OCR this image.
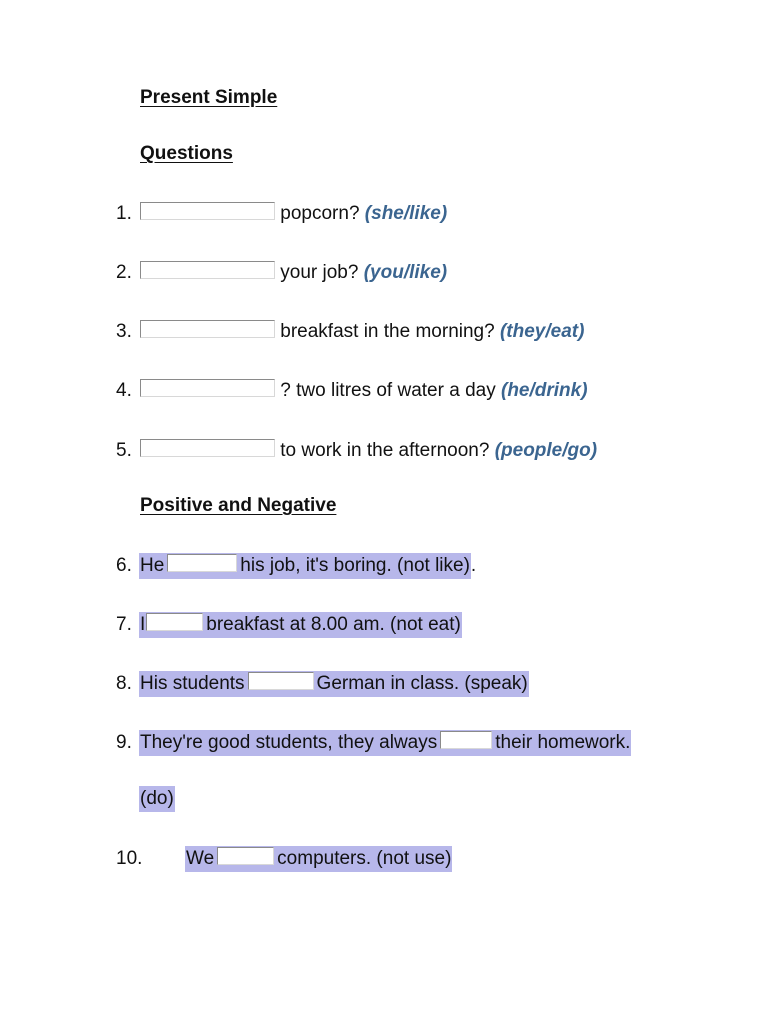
Present Simple
Questions
1.	popcorn? (she/like)
2.	your job? (you/like)
3.	breakfast in the morning? (they/eat)
4.	? two litres of water a day (he/drink)
5.	to work in the afternoon? (people/go)
Positive and Negative
6. He	his job, it's boring. (not like).
7. I	breakfast at 8.00 am. (not eat)
8. His students	German in class. (speak)
9. They're good students, they always	their homework.
(do)
10. We	computers. (not use)
